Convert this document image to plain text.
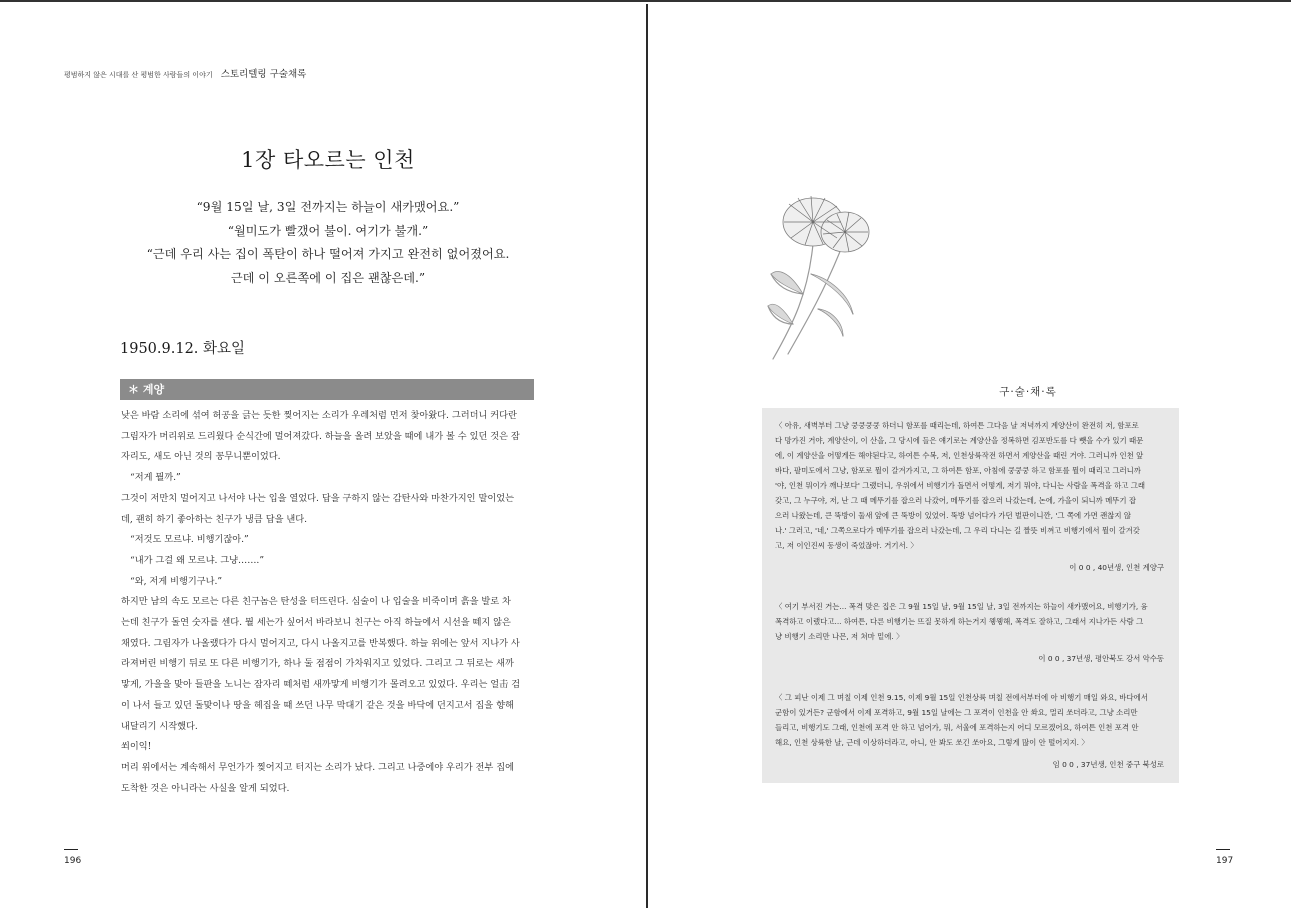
평범하지 않은 시대를 산 평범한 사람들의 이야기 스토리텔링 구술채록
1장 타오르는 인천
“9월 15일 날, 3일 전까지는 하늘이 새카맸어요.”
“월미도가 빨갰어 불이. 여기가 불개.”
“근데 우리 사는 집이 폭탄이 하나 떨어져 가지고 완전히 없어졌어요.
근데 이 오른쪽에 이 집은 괜찮은데.”
1950.9.12. 화요일
＊ 계양

낮은 바람 소리에 섞여 허공을 긁는 듯한 찢어지는 소리가 우레처럼 먼저 찾아왔다. 그러더니 커다란

그림자가 머리위로 드리웠다 순식간에 멀어져갔다. 하늘을 올려 보았을 때에 내가 볼 수 있던 것은 잠

자리도, 새도 아닌 것의 꽁무니뿐이었다.

“저게 뭘까.”

그것이 저만치 멀어지고 나서야 나는 입을 열었다. 답을 구하지 않는 감탄사와 마찬가지인 말이었는

데, 괜히 하기 좋아하는 친구가 냉큼 답을 낸다.

“저것도 모르냐. 비행기잖아.”

“내가 그걸 왜 모르냐. 그냥…….”

“와, 저게 비행기구나.”

하지만 남의 속도 모르는 다른 친구놈은 탄성을 터뜨린다. 심술이 나 입술을 비죽이며 흙을 발로 차

는데 친구가 돌연 숫자를 센다. 뭘 세는가 싶어서 바라보니 친구는 아직 하늘에서 시선을 떼지 않은

채였다. 그림자가 나올랬다가 다시 멀어지고, 다시 나올지고를 반복했다. 하늘 위에는 앞서 지나가 사

라져버린 비행기 뒤로 또 다른 비행기가, 하나 둘 점점이 가차워지고 있었다. 그리고 그 뒤로는 새까

맣게, 가을을 맞아 들판을 노니는 잠자리 떼처럼 새까맣게 비행기가 몰려오고 있었다. 우리는 얼击 검

이 나서 들고 있던 돌맞이나 땅을 헤집을 때 쓰던 나무 막대기 같은 것을 바닥에 던지고서 집을 향해

내달리기 시작했다.

쐬이익!

머리 위에서는 계속해서 무언가가 찢어지고 터지는 소리가 났다. 그리고 나중에야 우리가 전부 집에

도착한 것은 아니라는 사실을 알게 되었다.

196
구·술·채·록
〈 아유, 새벽부터 그냥 쿵쿵쿵쿵 하더니 함포를 때리는데, 하여튼 그다음 날 저녁까지 계양산이 완전히 저, 함포로
다 망가진 거야, 계양산이, 이 산을, 그 당시에 들은 얘기로는 계양산을 정복하면 김포반도를 다 뺏을 수가 있기 때문
에, 이 계양산을 어떻게든 해야된다고, 하여튼 수복, 저, 인천상륙작전 하면서 계양산을 때린 거야. 그러니까 인천 앞
바다, 팔미도에서 그냥, 함포로 뭘이 갈겨가지고, 그 하여튼 함포, 아침에 쿵쿵쿵 하고 함포를 뭘이 때리고 그러니까
'야, 인천 뭐이가 깨나보다' 그랬더니, 우위에서 비행기가 돌면서 어떻게, 저기 뭐야, 다니는 사람을 폭격을 하고 그래
갖고, 그 누구야, 저, 난 그 때 메뚜기를 잡으러 나갔어, 메뚜기를 잡으러 나갔는데, 논에, 가을이 되니까 메뚜기 잡
으러 나왔는데, 큰 뚝방이 둘새 앞에 큰 뚝방이 있었어. 뚝방 넘어다가 가던 벌판이니깐, '그 쪽에 가면 괜찮지 않
나.' 그러고, '네,' 그쪽으로다가 메뚜기를 잡으러 나갔는데, 그 우리 다니는 길 짤뜻 비껴고 비행기에서 뭘이 갈겨갖
고, 저 이인진씨 동생이 죽었잖아. 거기서. 〉
이 0 0 , 40년생, 인천 계양구
〈 여기 부서진 거는... 폭격 맞은 집은 그 9월 15일 날, 9월 15일 날, 3일 전까지는 하늘이 새카맸어요, 비행기가, 융
폭격하고 이랬다고... 하여튼, 다른 비행기는 뜨질 못하게 하는거지 웽웽해, 폭격도 잘하고, 그래서 지나가든 사람 그
냥 비행기 소리만 나믄, 저 쳐마 밑에. 〉
이 0 0 , 37년생, 평안북도 강서 악수동
〈 그 피난 이제 그 며칠 이제 인천 9.15, 이제 9월 15일 인천상륙 며칠 전에서부터에 아 비행기 매일 와요, 바다에서
군함이 있거든? 군함에서 이제 포격하고, 9월 15일 날에는 그 포격이 인천을 안 쏴요, 멀리 쏘더라고, 그냥 소리만
들리고, 비행기도 그래, 인천에 포격 안 하고 넘어가, 뭐, 서울에 포격하는지 어디 모르겠어요, 하여튼 인천 포격 안
해요, 인천 상륙한 날, 근데 이상하더라고, 아니, 안 봐도 쏘긴 쏘아요, 그렇게 많이 안 떨어지지. 〉
임 0 0 , 37년생, 인천 중구 북성로
197
